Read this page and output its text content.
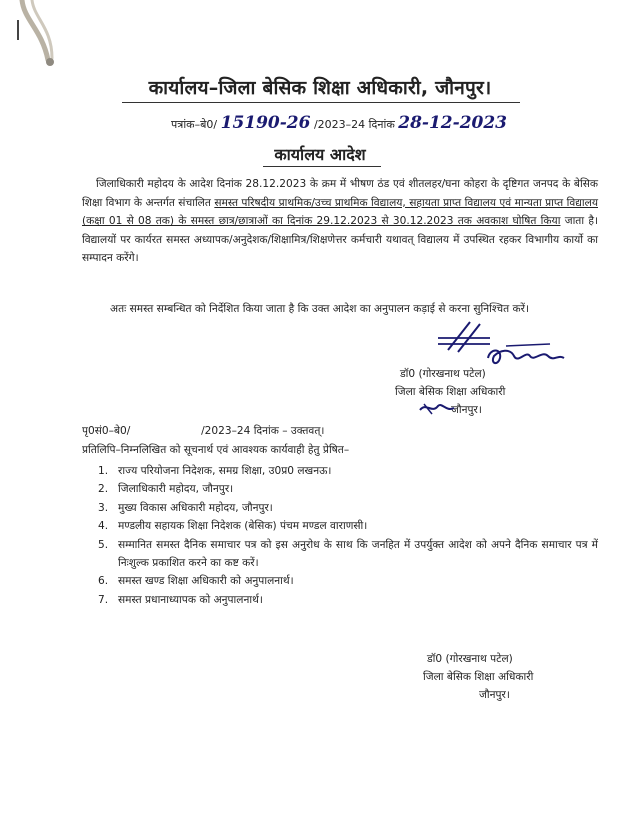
कार्यालय–जिला बेसिक शिक्षा अधिकारी, जौनपुर।
पत्रांक–बे0/ 15190-26 /2023–24 दिनांक 28-12-2023
कार्यालय आदेश
जिलाधिकारी महोदय के आदेश दिनांक 28.12.2023 के क्रम में भीषण ठंड एवं शीतलहर/घना कोहरा के दृष्टिगत जनपद के बेसिक शिक्षा विभाग के अन्तर्गत संचालित समस्त परिषदीय प्राथमिक/उच्च प्राथमिक विद्यालय, सहायता प्राप्त विद्यालय एवं मान्यता प्राप्त विद्यालय (कक्षा 01 से 08 तक) के समस्त छात्र/छात्राओं का दिनांक 29.12.2023 से 30.12.2023 तक अवकाश घोषित किया जाता है। विद्यालयों पर कार्यरत समस्त अध्यापक/अनुदेशक/शिक्षामित्र/शिक्षणेत्तर कर्मचारी यथावत् विद्यालय में उपस्थित रहकर विभागीय कार्यो का सम्पादन करेंगे।
अतः समस्त सम्बन्धित को निर्देशित किया जाता है कि उक्त आदेश का अनुपालन कड़ाई से करना सुनिश्चित करें।
डॉ0 (गोरखनाथ पटेल)
जिला बेसिक शिक्षा अधिकारी
जौनपुर।
पृ0सं0–बे0/	/2023–24 दिनांक – उक्तवत्।
प्रतिलिपि–निम्नलिखित को सूचनार्थ एवं आवश्यक कार्यवाही हेतु प्रेषित–
1. राज्य परियोजना निदेशक, समग्र शिक्षा, उ0प्र0 लखनऊ।
2. जिलाधिकारी महोदय, जौनपुर।
3. मुख्य विकास अधिकारी महोदय, जौनपुर।
4. मण्डलीय सहायक शिक्षा निदेशक (बेसिक) पंचम मण्डल वाराणसी।
5. सम्मानित समस्त दैनिक समाचार पत्र को इस अनुरोध के साथ कि जनहित में उपर्युक्त आदेश को अपने दैनिक समाचार पत्र में निःशुल्क प्रकाशित करने का कष्ट करें।
6. समस्त खण्ड शिक्षा अधिकारी को अनुपालनार्थ।
7. समस्त प्रधानाध्यापक को अनुपालनार्थ।
डॉ0 (गोरखनाथ पटेल)
जिला बेसिक शिक्षा अधिकारी
जौनपुर।
